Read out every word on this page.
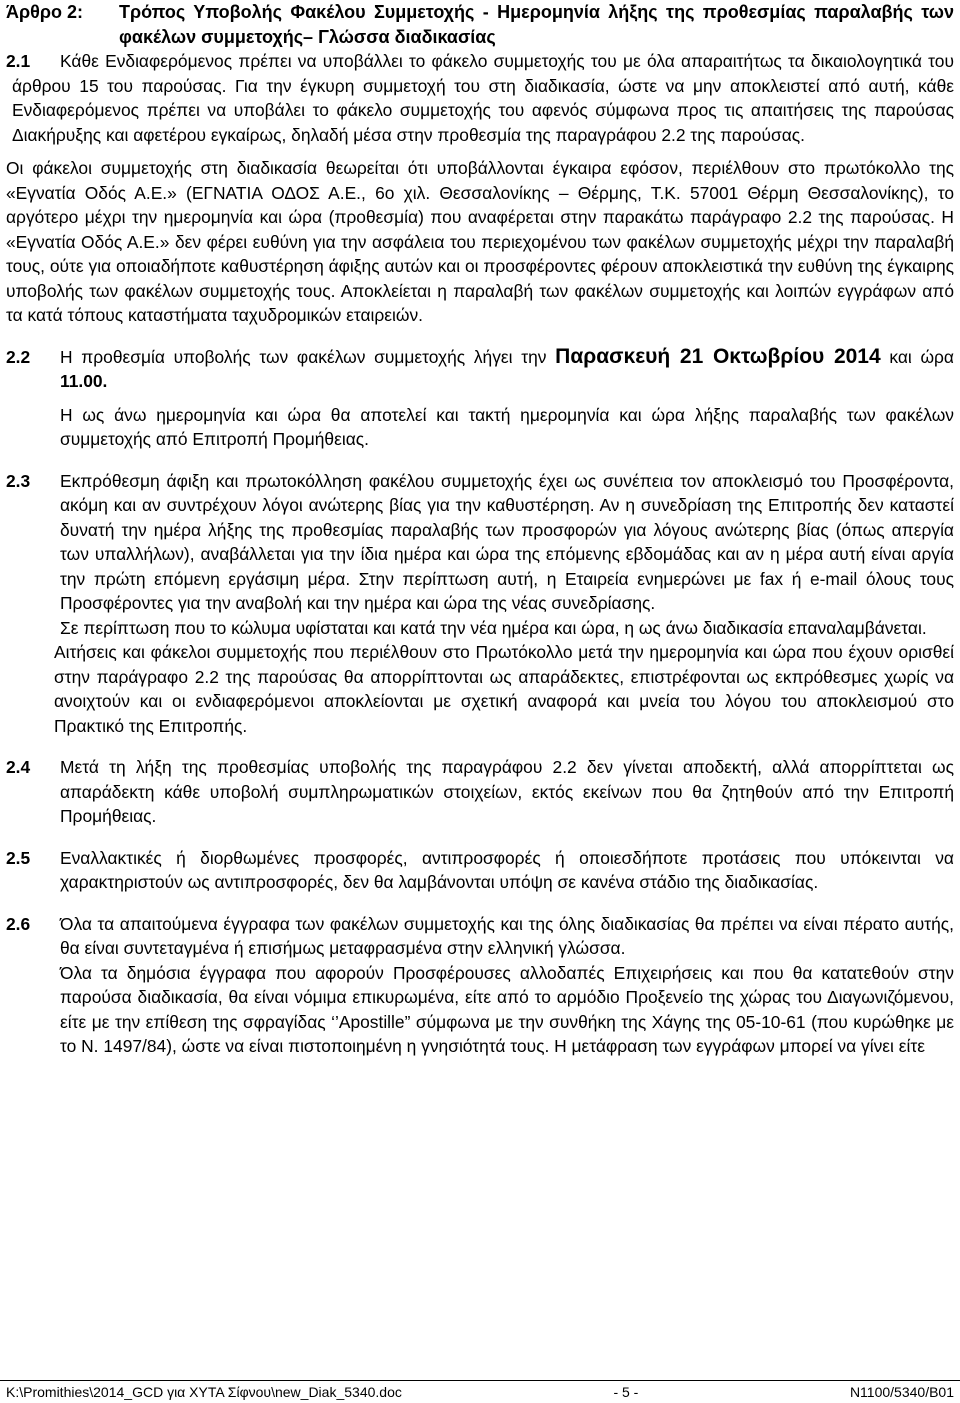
Άρθρο 2:	Τρόπος Υποβολής Φακέλου Συμμετοχής - Ημερομηνία λήξης της προθεσμίας παραλαβής των φακέλων συμμετοχής– Γλώσσα διαδικασίας
2.1	Κάθε Ενδιαφερόμενος πρέπει να υποβάλλει το φάκελο συμμετοχής του με όλα απαραιτήτως τα δικαιολογητικά του άρθρου 15 του παρούσας. Για την έγκυρη συμμετοχή του στη διαδικασία, ώστε να μην αποκλειστεί από αυτή, κάθε Ενδιαφερόμενος πρέπει να υποβάλει το φάκελο συμμετοχής του αφενός σύμφωνα προς τις απαιτήσεις της παρούσας Διακήρυξης και αφετέρου εγκαίρως, δηλαδή μέσα στην προθεσμία της παραγράφου 2.2 της παρούσας.

Οι φάκελοι συμμετοχής στη διαδικασία θεωρείται ότι υποβάλλονται έγκαιρα εφόσον, περιέλθουν στο πρωτόκολλο της «Εγνατία Οδός Α.Ε.» (ΕΓΝΑΤΙΑ ΟΔΟΣ Α.Ε., 6ο χιλ. Θεσσαλονίκης – Θέρμης, Τ.Κ. 57001 Θέρμη Θεσσαλονίκης), το αργότερο μέχρι την ημερομηνία και ώρα (προθεσμία) που αναφέρεται στην παρακάτω παράγραφο 2.2 της παρούσας. Η «Εγνατία Οδός Α.Ε.» δεν φέρει ευθύνη για την ασφάλεια του περιεχομένου των φακέλων συμμετοχής μέχρι την παραλαβή τους, ούτε για οποιαδήποτε καθυστέρηση άφιξης αυτών και οι προσφέροντες φέρουν αποκλειστικά την ευθύνη της έγκαιρης υποβολής των φακέλων συμμετοχής τους. Αποκλείεται η παραλαβή των φακέλων συμμετοχής και λοιπών εγγράφων από τα κατά τόπους καταστήματα ταχυδρομικών εταιρειών.

2.2	Η προθεσμία υποβολής των φακέλων συμμετοχής λήγει την Παρασκευή 21 Οκτωβρίου 2014 και ώρα 11.00.

Η ως άνω ημερομηνία και ώρα θα αποτελεί και τακτή ημερομηνία και ώρα λήξης παραλαβής των φακέλων συμμετοχής από Επιτροπή Προμήθειας.

2.3	Εκπρόθεσμη άφιξη και πρωτοκόλληση φακέλου συμμετοχής έχει ως συνέπεια τον αποκλεισμό του Προσφέροντα, ακόμη και αν συντρέχουν λόγοι ανώτερης βίας για την καθυστέρηση. Αν η συνεδρίαση της Επιτροπής δεν καταστεί δυνατή την ημέρα λήξης της προθεσμίας παραλαβής των προσφορών για λόγους ανώτερης βίας (όπως απεργία των υπαλλήλων), αναβάλλεται για την ίδια ημέρα και ώρα της επόμενης εβδομάδας και αν η μέρα αυτή είναι αργία την πρώτη επόμενη εργάσιμη μέρα. Στην περίπτωση αυτή, η Εταιρεία ενημερώνει με fax ή e-mail όλους τους Προσφέροντες για την αναβολή και την ημέρα και ώρα της νέας συνεδρίασης.

Σε περίπτωση που το κώλυμα υφίσταται και κατά την νέα ημέρα και ώρα, η ως άνω διαδικασία επαναλαμβάνεται.

Αιτήσεις και φάκελοι συμμετοχής που περιέλθουν στο Πρωτόκολλο μετά την ημερομηνία και ώρα που έχουν ορισθεί στην παράγραφο 2.2 της παρούσας θα απορρίπτονται ως απαράδεκτες, επιστρέφονται ως εκπρόθεσμες χωρίς να ανοιχτούν και οι ενδιαφερόμενοι αποκλείονται με σχετική αναφορά και μνεία του λόγου του αποκλεισμού στο Πρακτικό της Επιτροπής.

2.4	Μετά τη λήξη της προθεσμίας υποβολής της παραγράφου 2.2 δεν γίνεται αποδεκτή, αλλά απορρίπτεται ως απαράδεκτη κάθε υποβολή συμπληρωματικών στοιχείων, εκτός εκείνων που θα ζητηθούν από την Επιτροπή Προμήθειας.

2.5	Εναλλακτικές ή διορθωμένες προσφορές, αντιπροσφορές ή οποιεσδήποτε προτάσεις που υπόκεινται να χαρακτηριστούν ως αντιπροσφορές, δεν θα λαμβάνονται υπόψη σε κανένα στάδιο της διαδικασίας.

2.6	Όλα τα απαιτούμενα έγγραφα των φακέλων συμμετοχής και της όλης διαδικασίας θα πρέπει να είναι πέρατο αυτής, θα είναι συντεταγμένα ή επισήμως μεταφρασμένα στην ελληνική γλώσσα.

Όλα τα δημόσια έγγραφα που αφορούν Προσφέρουσες αλλοδαπές Επιχειρήσεις και που θα κατατεθούν στην παρούσα διαδικασία, θα είναι νόμιμα επικυρωμένα, είτε από το αρμόδιο Προξενείο της χώρας του Διαγωνιζόμενου, είτε με την επίθεση της σφραγίδας ‘’Apostille” σύμφωνα με την συνθήκη της Χάγης της 05-10-61 (που κυρώθηκε με το Ν. 1497/84), ώστε να είναι πιστοποιημένη η γνησιότητά τους. Η μετάφραση των εγγράφων μπορεί να γίνει είτε

K:\Promithies\2014_GCD για ΧΥΤΑ Σίφνου\new_Diak_5340.doc	- 5 -	N1100/5340/B01
